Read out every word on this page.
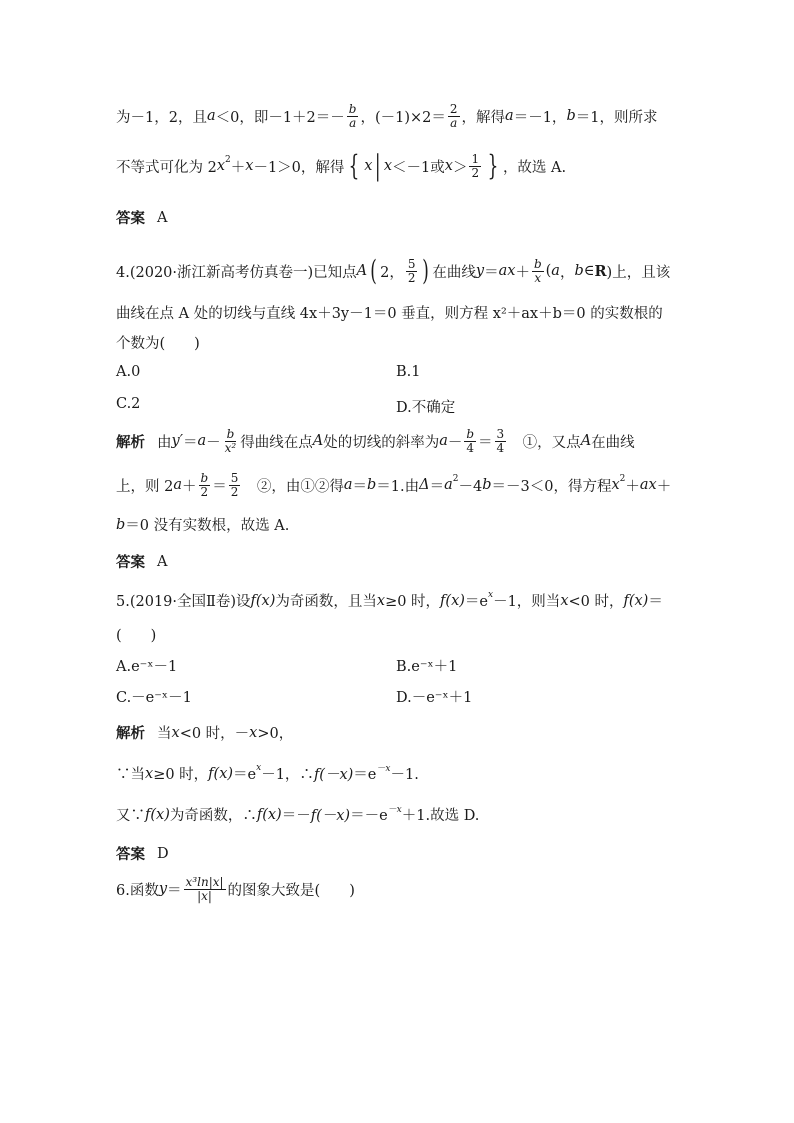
为－1，2，且 a ＜0，即$-1+2=- \frac{b}{a}$ ，$(-1)\times 2= \frac{2}{a}$ ，解得 a ＝－1， b ＝1，则所求
不等式可化为 2 x 2 ＋ x －1＞0，解得 { x | x ＜－1或 $x > \frac{1}{2}$ } ，故选 A.
答案 A
4.(2020·浙江新高考仿真卷一)已知点 A ( 2， $\frac{5}{2}$ ) 在曲线 y ＝ ax ＋ $\frac{b}{x}$ ( a ， b ∈ R )上，且该
曲线在点 A 处的切线与直线 4x＋3y－1＝0 垂直，则方程 x²＋ax＋b＝0 的实数根的
个数为(　　)
A.0	B.1
C.2	D.不确定
解析 由 $y' = a - \frac{b}{\text{x²}}$ 得曲线在点 A 处的切线的斜率为 $a - \frac{b}{4} = \frac{3}{4}$ 　①，又点 A 在曲线
上，则 2 $a + \frac{b}{2} = \frac{5}{2}$ 　②，由①②得 a ＝ b ＝1.由 Δ ＝ a 2 －4 b ＝－3＜0，得方程 x 2 ＋ ax ＋
b ＝0 没有实数根，故选 A.
答案 A
5.(2019·全国Ⅱ卷)设 f(x) 为奇函数，且当 x ≥0 时， f(x) ＝e x －1，则当 x <0 时， f(x) ＝
(　　)
A.e⁻ˣ－1	B.e⁻ˣ＋1
C.－e⁻ˣ－1	D.－e⁻ˣ＋1
解析 当 x <0 时，－ x >0，
∵当 x ≥0 时， f(x) ＝e x －1，∴ f(－x) ＝e －x －1.
又∵ f(x) 为奇函数，∴ f(x) ＝－ f(－x) ＝－e －x ＋1.故选 D.
答案 D
6.函数 $y = \frac{\text{x³ln|x|}}{|x|}$ 的图象大致是(　　)
